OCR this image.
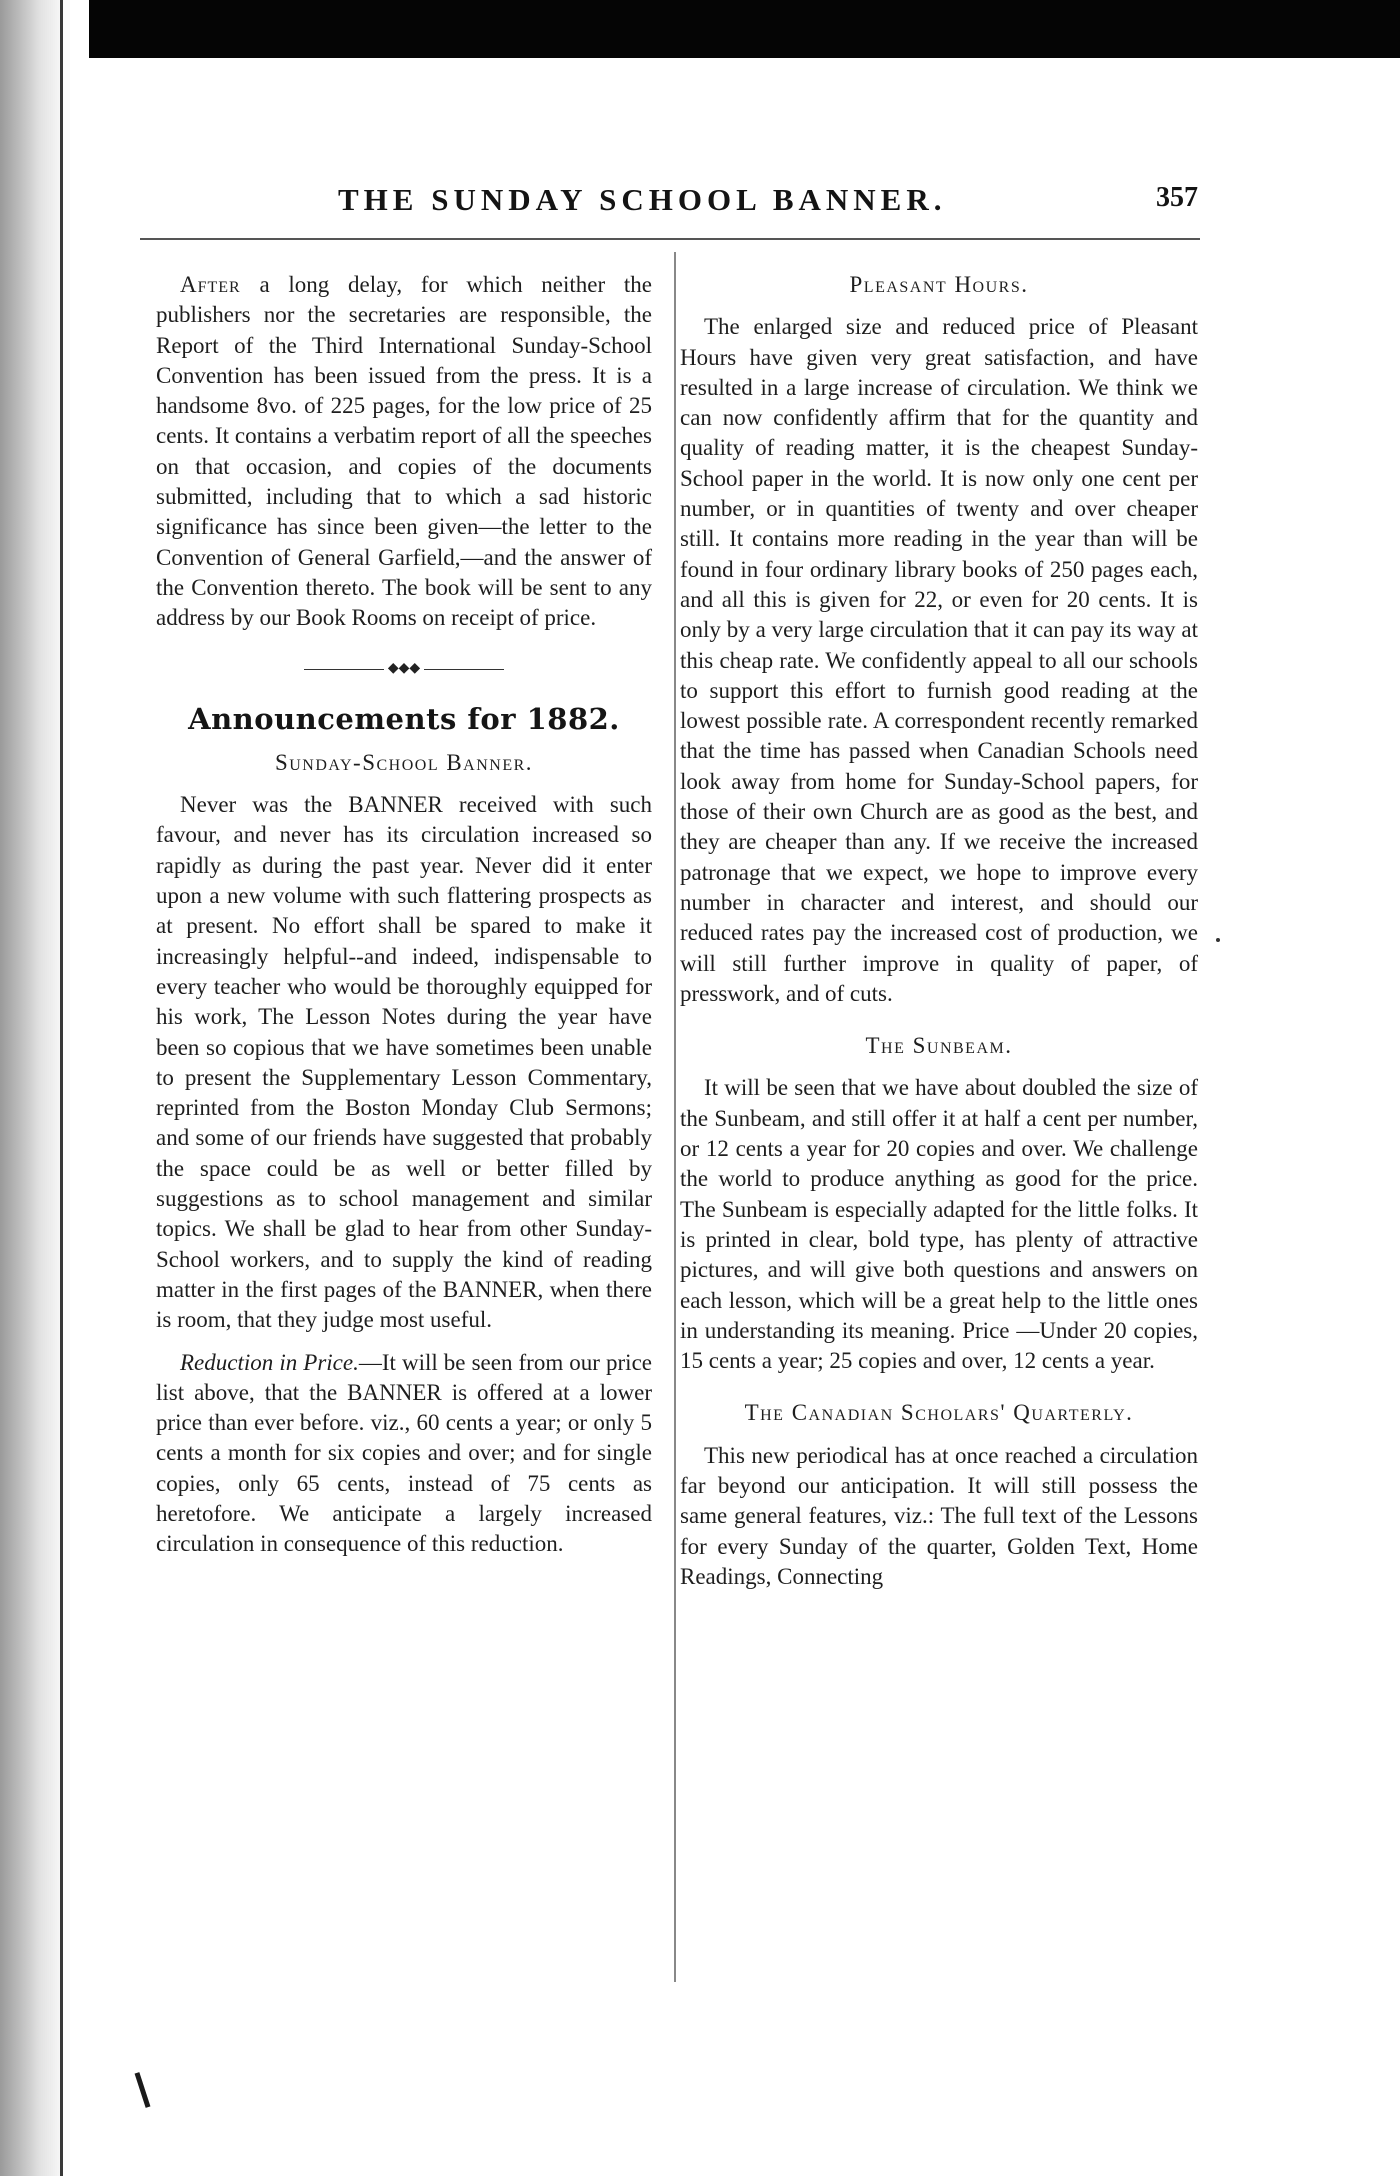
THE SUNDAY SCHOOL BANNER.	357

After a long delay, for which neither the publishers nor the secretaries are responsible, the Report of the Third International Sunday-School Convention has been issued from the press. It is a handsome 8vo. of 225 pages, for the low price of 25 cents. It contains a verbatim report of all the speeches on that occasion, and copies of the documents submitted, including that to which a sad historic significance has since been given—the letter to the Convention of General Garfield,—and the answer of the Convention thereto. The book will be sent to any address by our Book Rooms on receipt of price.

◆◆◆
Announcements for 1882.

Sunday-School Banner.

Never was the BANNER received with such favour, and never has its circulation increased so rapidly as during the past year. Never did it enter upon a new volume with such flattering prospects as at present. No effort shall be spared to make it increasingly helpful--and indeed, indispensable to every teacher who would be thoroughly equipped for his work, The Lesson Notes during the year have been so copious that we have sometimes been unable to present the Supplementary Lesson Commentary, reprinted from the Boston Monday Club Sermons; and some of our friends have suggested that probably the space could be as well or better filled by suggestions as to school management and similar topics. We shall be glad to hear from other Sunday-School workers, and to supply the kind of reading matter in the first pages of the BANNER, when there is room, that they judge most useful.

Reduction in Price.—It will be seen from our price list above, that the BANNER is offered at a lower price than ever before. viz., 60 cents a year; or only 5 cents a month for six copies and over; and for single copies, only 65 cents, instead of 75 cents as heretofore. We anticipate a largely increased circulation in consequence of this reduction.

Pleasant Hours.

The enlarged size and reduced price of Pleasant Hours have given very great satisfaction, and have resulted in a large increase of circulation. We think we can now confidently affirm that for the quantity and quality of reading matter, it is the cheapest Sunday-School paper in the world. It is now only one cent per number, or in quantities of twenty and over cheaper still. It contains more reading in the year than will be found in four ordinary library books of 250 pages each, and all this is given for 22, or even for 20 cents. It is only by a very large circulation that it can pay its way at this cheap rate. We confidently appeal to all our schools to support this effort to furnish good reading at the lowest possible rate. A correspondent recently remarked that the time has passed when Canadian Schools need look away from home for Sunday-School papers, for those of their own Church are as good as the best, and they are cheaper than any. If we receive the increased patronage that we expect, we hope to improve every number in character and interest, and should our reduced rates pay the increased cost of production, we will still further improve in quality of paper, of presswork, and of cuts.

The Sunbeam.

It will be seen that we have about doubled the size of the Sunbeam, and still offer it at half a cent per number, or 12 cents a year for 20 copies and over. We challenge the world to produce anything as good for the price. The Sunbeam is especially adapted for the little folks. It is printed in clear, bold type, has plenty of attractive pictures, and will give both questions and answers on each lesson, which will be a great help to the little ones in understanding its meaning. Price —Under 20 copies, 15 cents a year; 25 copies and over, 12 cents a year.

The Canadian Scholars' Quarterly.

This new periodical has at once reached a circulation far beyond our anticipation. It will still possess the same general features, viz.: The full text of the Lessons for every Sunday of the quarter, Golden Text, Home Readings, Connecting
